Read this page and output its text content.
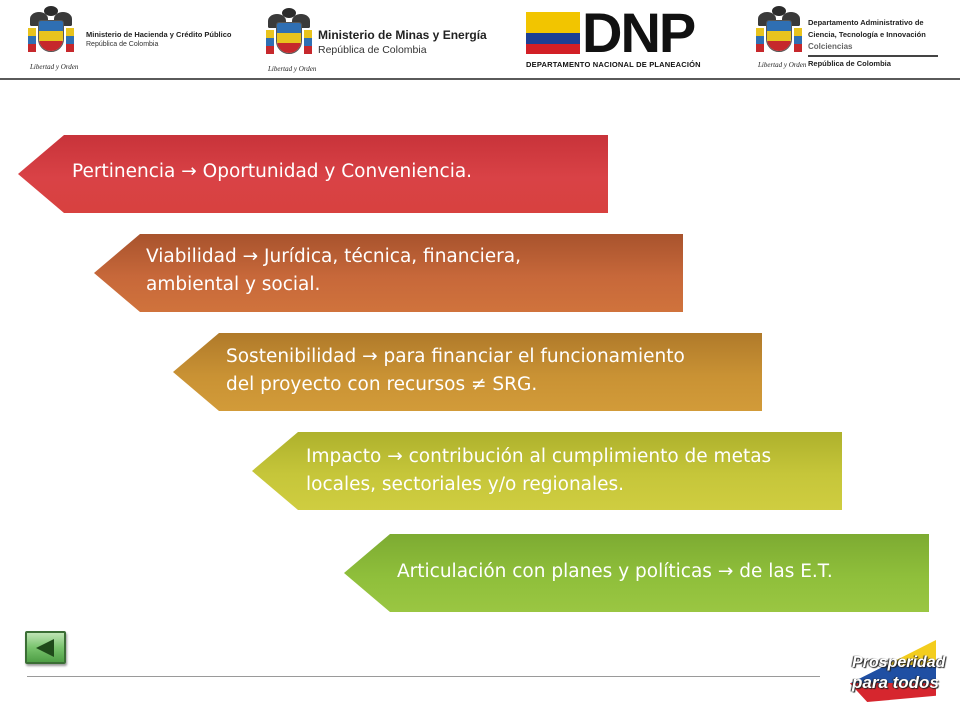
Libertad y Orden
Ministerio de Hacienda y Crédito Público
República de Colombia
Libertad y Orden
Ministerio de Minas y Energía
República de Colombia	DNP
DEPARTAMENTO NACIONAL DE PLANEACIÓN	Libertad y Orden
Departamento Administrativo de
Ciencia, Tecnología e Innovación
Colciencias
República de Colombia
Pertinencia → Oportunidad y Conveniencia.
Viabilidad → Jurídica, técnica, financiera,
ambiental y social.
Sostenibilidad → para financiar el funcionamiento
del proyecto con recursos ≠ SRG.
Impacto → contribución al cumplimiento de metas
locales, sectoriales y/o regionales.
Articulación con planes y políticas → de las E.T.
Prosperidad
para todos
